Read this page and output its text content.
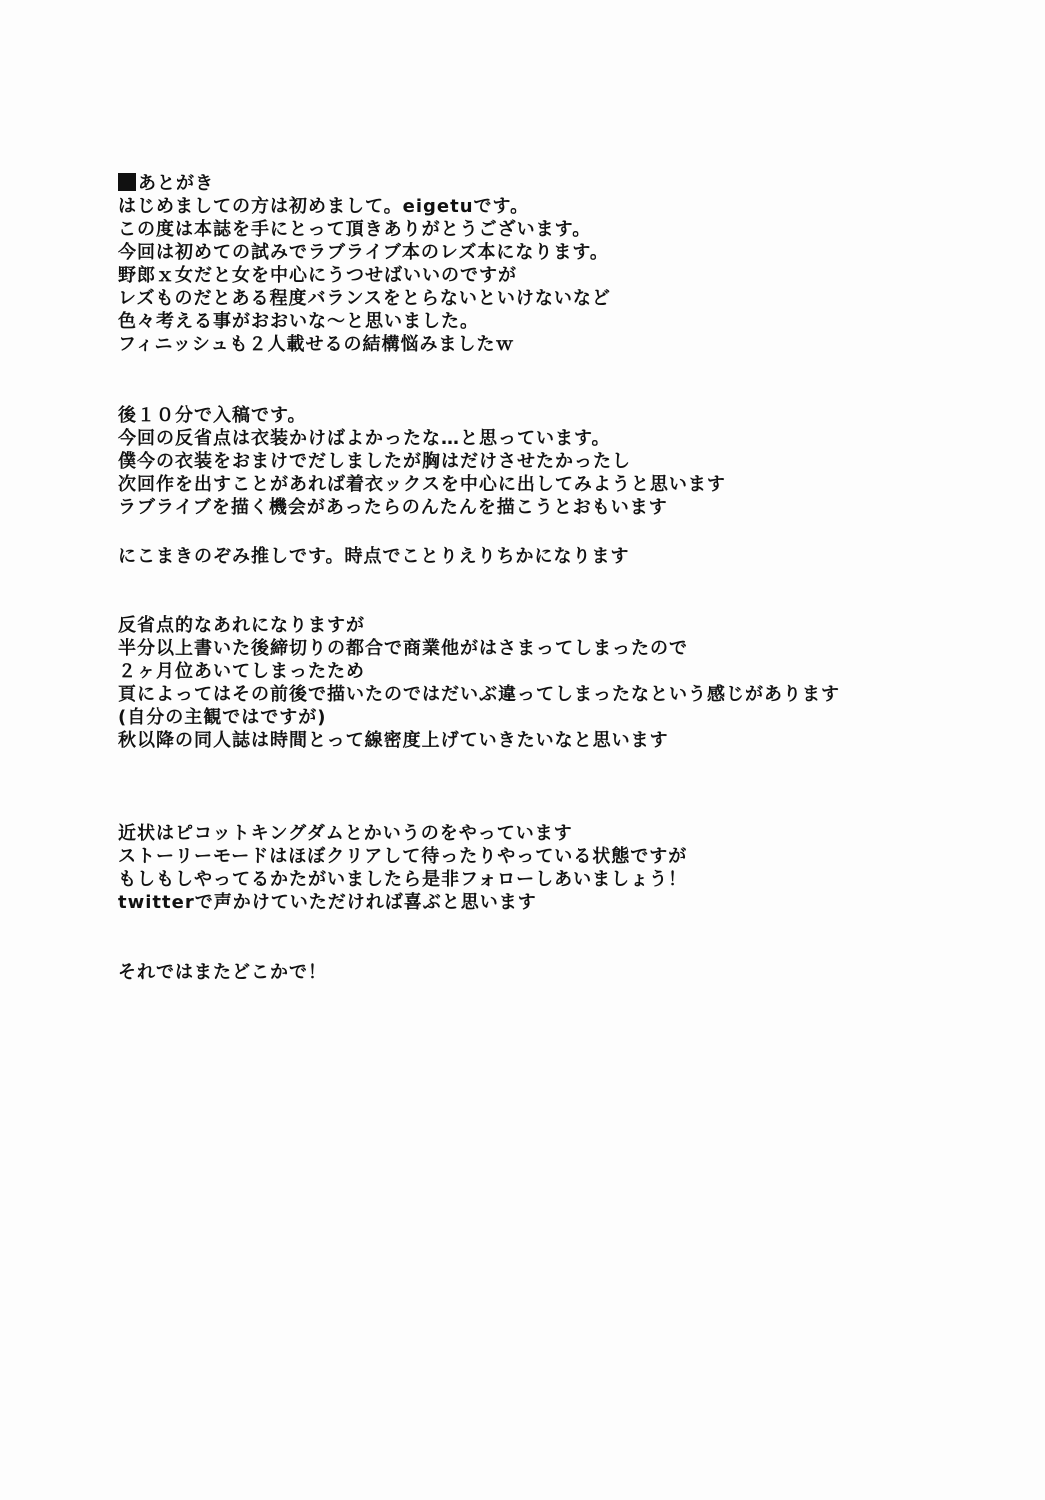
あとがき
はじめましての方は初めまして。eigetuです。
この度は本誌を手にとって頂きありがとうございます。
今回は初めての試みでラブライブ本のレズ本になります。
野郎ｘ女だと女を中心にうつせばいいのですが
レズものだとある程度バランスをとらないといけないなど
色々考える事がおおいな～と思いました。
フィニッシュも２人載せるの結構悩みましたｗ
後１０分で入稿です。
今回の反省点は衣装かけばよかったな…と思っています。
僕今の衣装をおまけでだしましたが胸はだけさせたかったし
次回作を出すことがあれば着衣ックスを中心に出してみようと思います
ラブライブを描く機会があったらのんたんを描こうとおもいます
にこまきのぞみ推しです。時点でことりえりちかになります
反省点的なあれになりますが
半分以上書いた後締切りの都合で商業他がはさまってしまったので
２ヶ月位あいてしまったため
頁によってはその前後で描いたのではだいぶ違ってしまったなという感じがあります
(自分の主観ではですが)
秋以降の同人誌は時間とって線密度上げていきたいなと思います
近状はピコットキングダムとかいうのをやっています
ストーリーモードはほぼクリアして待ったりやっている状態ですが
もしもしやってるかたがいましたら是非フォローしあいましょう！
twitterで声かけていただければ喜ぶと思います
それではまたどこかで！
